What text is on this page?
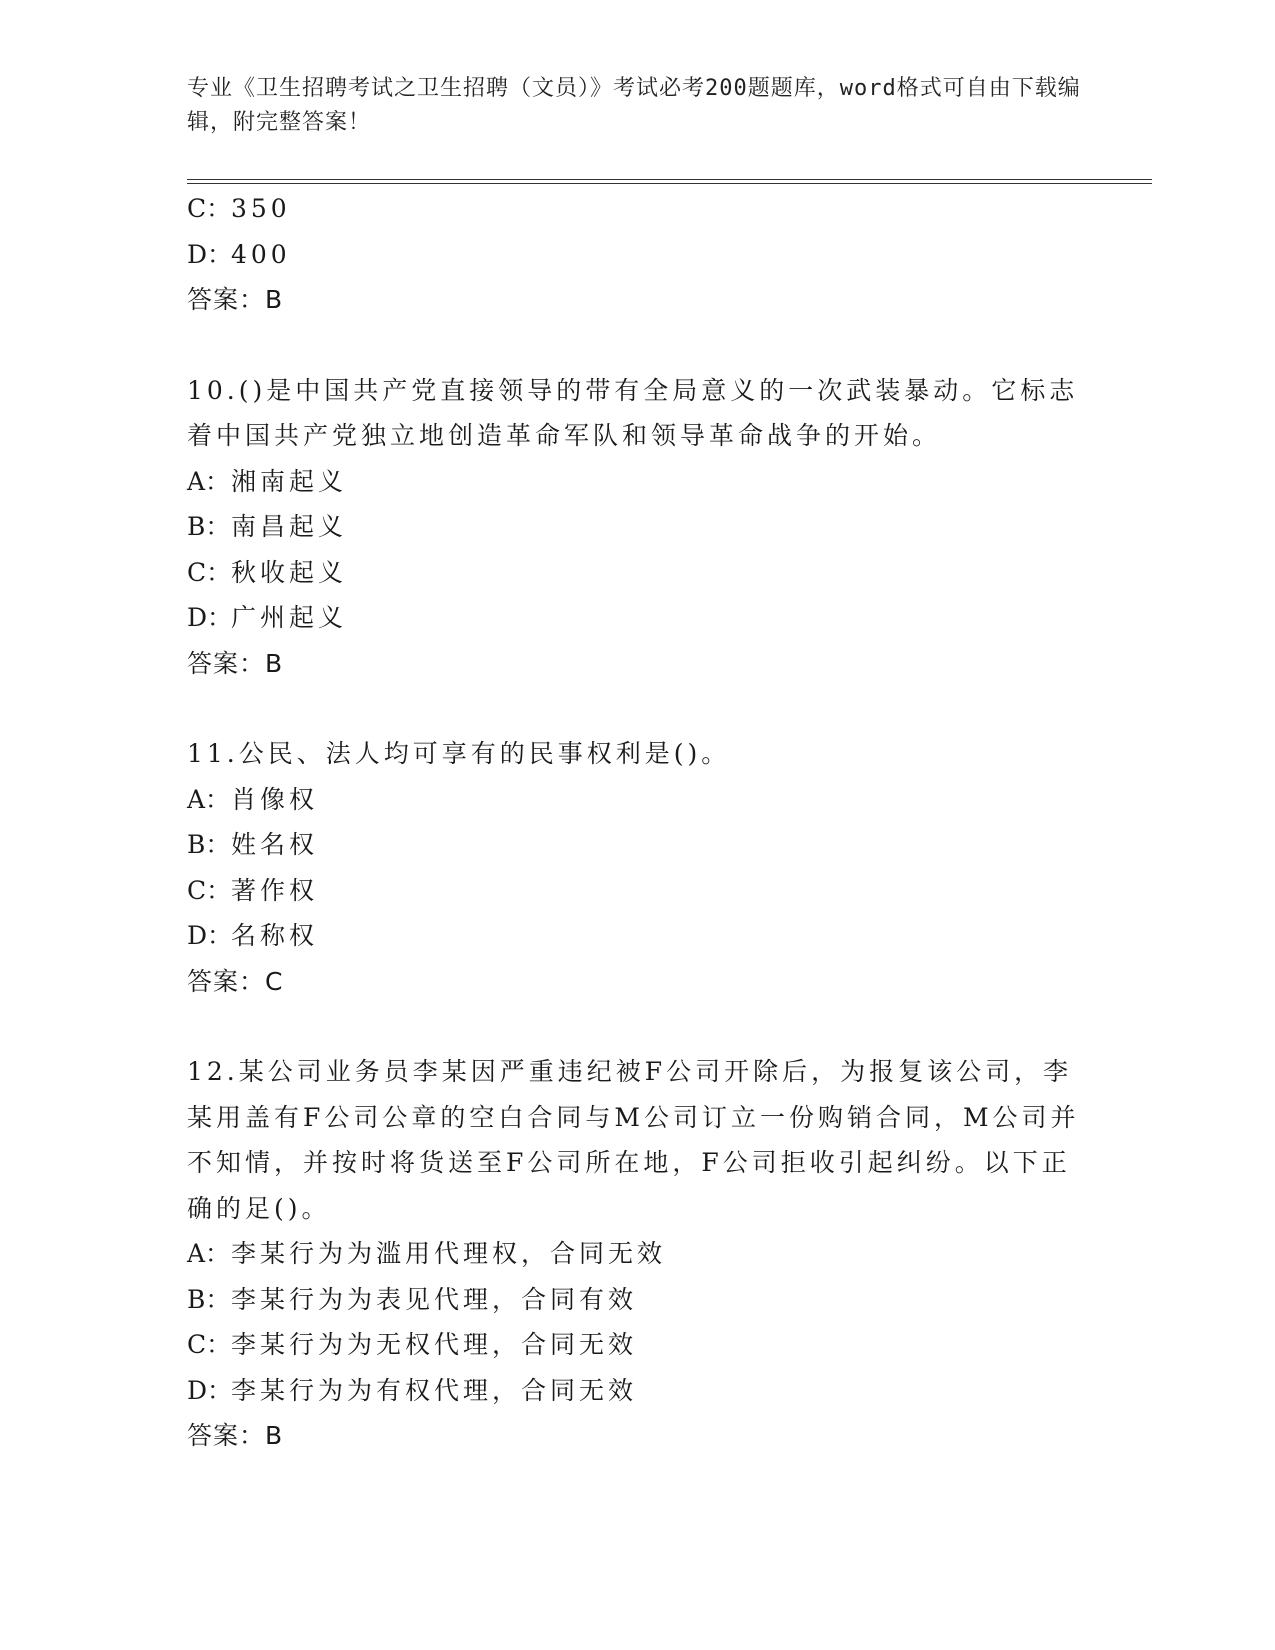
专业《卫生招聘考试之卫生招聘（文员）》考试必考200题题库，word格式可自由下载编辑，附完整答案！
C：350
D：400
答案：B
10.()是中国共产党直接领导的带有全局意义的一次武装暴动。它标志着中国共产党独立地创造革命军队和领导革命战争的开始。
A：湘南起义
B：南昌起义
C：秋收起义
D：广州起义
答案：B
11.公民、法人均可享有的民事权利是()。
A：肖像权
B：姓名权
C：著作权
D：名称权
答案：C
12.某公司业务员李某因严重违纪被F公司开除后，为报复该公司，李某用盖有F公司公章的空白合同与M公司订立一份购销合同，M公司并不知情，并按时将货送至F公司所在地，F公司拒收引起纠纷。以下正确的足()。
A：李某行为为滥用代理权，合同无效
B：李某行为为表见代理，合同有效
C：李某行为为无权代理，合同无效
D：李某行为为有权代理，合同无效
答案：B
